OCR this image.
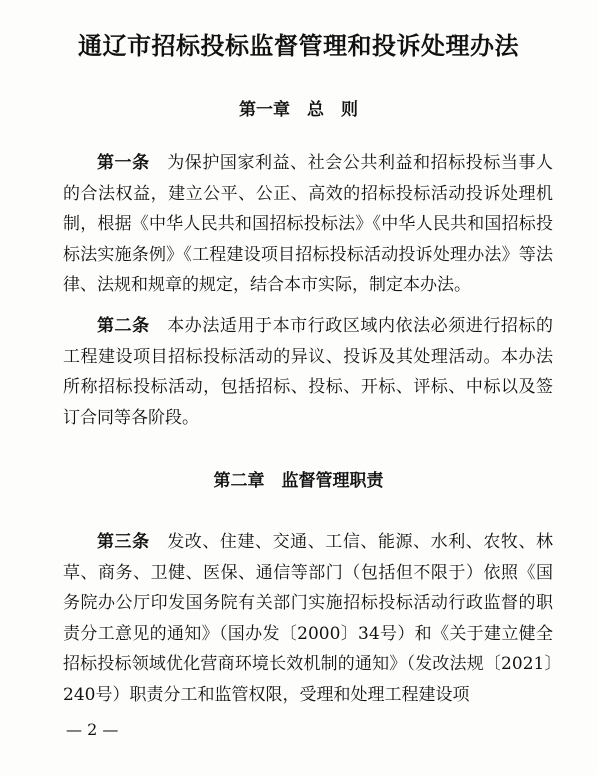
通辽市招标投标监督管理和投诉处理办法
第一章　总　则
第一条　为保护国家利益、社会公共利益和招标投标当事人的合法权益，建立公平、公正、高效的招标投标活动投诉处理机制，根据《中华人民共和国招标投标法》《中华人民共和国招标投标法实施条例》《工程建设项目招标投标活动投诉处理办法》等法律、法规和规章的规定，结合本市实际，制定本办法。
第二条　本办法适用于本市行政区域内依法必须进行招标的工程建设项目招标投标活动的异议、投诉及其处理活动。本办法所称招标投标活动，包括招标、投标、开标、评标、中标以及签订合同等各阶段。
第二章　监督管理职责
第三条　发改、住建、交通、工信、能源、水利、农牧、林草、商务、卫健、医保、通信等部门（包括但不限于）依照《国务院办公厅印发国务院有关部门实施招标投标活动行政监督的职责分工意见的通知》（国办发〔2000〕34号）和《关于建立健全招标投标领域优化营商环境长效机制的通知》（发改法规〔2021〕240号）职责分工和监管权限，受理和处理工程建设项
— 2 —
